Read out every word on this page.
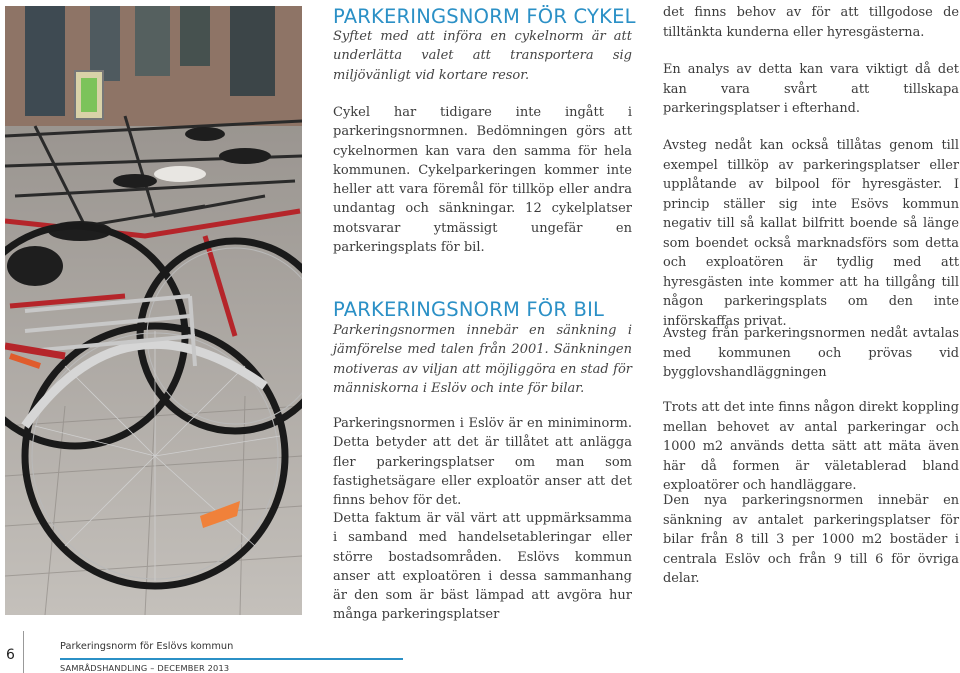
PARKERINGSNORM FÖR CYKEL

Syftet med att införa en cykelnorm är att underlätta valet att transportera sig miljövänligt vid kortare resor.

Cykel har tidigare inte ingått i parkeringsnormnen. Bedömningen görs att cykelnormen kan vara den samma för hela kommunen. Cykelparkeringen kommer inte heller att vara föremål för tillköp eller andra undantag och sänkningar. 12 cykelplatser motsvarar ytmässigt ungefär en parkeringsplats för bil.

PARKERINGSNORM FÖR BIL

Parkeringsnormen innebär en sänkning i jämförelse med talen från 2001. Sänkningen motiveras av viljan att möjliggöra en stad för människorna i Eslöv och inte för bilar.

Parkeringsnormen i Eslöv är en miniminorm. Detta betyder att det är tillåtet att anlägga fler parkeringsplatser om man som fastighetsägare eller exploatör anser att det finns behov för det.

Detta faktum är väl värt att uppmärksamma i samband med handelsetableringar eller större bostadsområden. Eslövs kommun anser att exploatören i dessa sammanhang är den som är bäst lämpad att avgöra hur många parkeringsplatser

det finns behov av för att tillgodose de tilltänkta kunderna eller hyresgästerna.

En analys av detta kan vara viktigt då det kan vara svårt att tillskapa parkeringsplatser i efterhand.

Avsteg nedåt kan också tillåtas genom till exempel tillköp av parkeringsplatser eller upplåtande av bilpool för hyresgäster. I princip ställer sig inte Esövs kommun negativ till så kallat bilfritt boende så länge som boendet också marknadsförs som detta och exploatören är tydlig med att hyresgästen inte kommer att ha tillgång till någon parkeringsplats om den inte införskaffas privat.

Avsteg från parkeringsnormen nedåt avtalas med kommunen och prövas vid bygglovshandläggningen

Trots att det inte finns någon direkt koppling mellan behovet av antal parkeringar och 1000 m2 används detta sätt att mäta även här då formen är väletablerad bland exploatörer och handläggare.

Den nya parkeringsnormen innebär en sänkning av antalet parkeringsplatser för bilar från 8 till 3 per 1000 m2 bostäder i centrala Eslöv och från 9 till 6 för övriga delar.

6
Parkeringsnorm för Eslövs kommun
SAMRÅDSHANDLING – DECEMBER 2013
